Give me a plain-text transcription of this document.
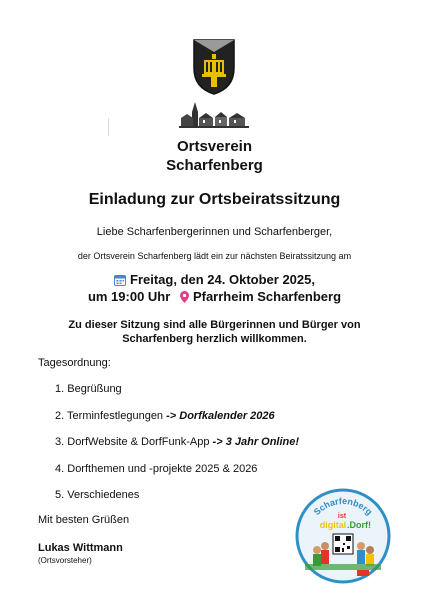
Ortsverein
Scharfenberg
Einladung zur Ortsbeiratssitzung
Liebe Scharfenbergerinnen und Scharfenberger,
der Ortsverein Scharfenberg lädt ein zur nächsten Beiratssitzung am
Freitag, den 24. Oktober 2025,
um 19:00 Uhr Pfarrheim Scharfenberg
Zu dieser Sitzung sind alle Bürgerinnen und Bürger von
Scharfenberg herzlich willkommen.
Tagesordnung:
1. Begrüßung
2. Terminfestlegungen -> Dorfkalender 2026
3. DorfWebsite & DorfFunk-App -> 3 Jahr Online!
4. Dorfthemen und -projekte 2025 & 2026
5. Verschiedenes
Mit besten Grüßen
Lukas Wittmann
(Ortsvorsteher)
Scharfenberg
ist
digital .Dorf!
